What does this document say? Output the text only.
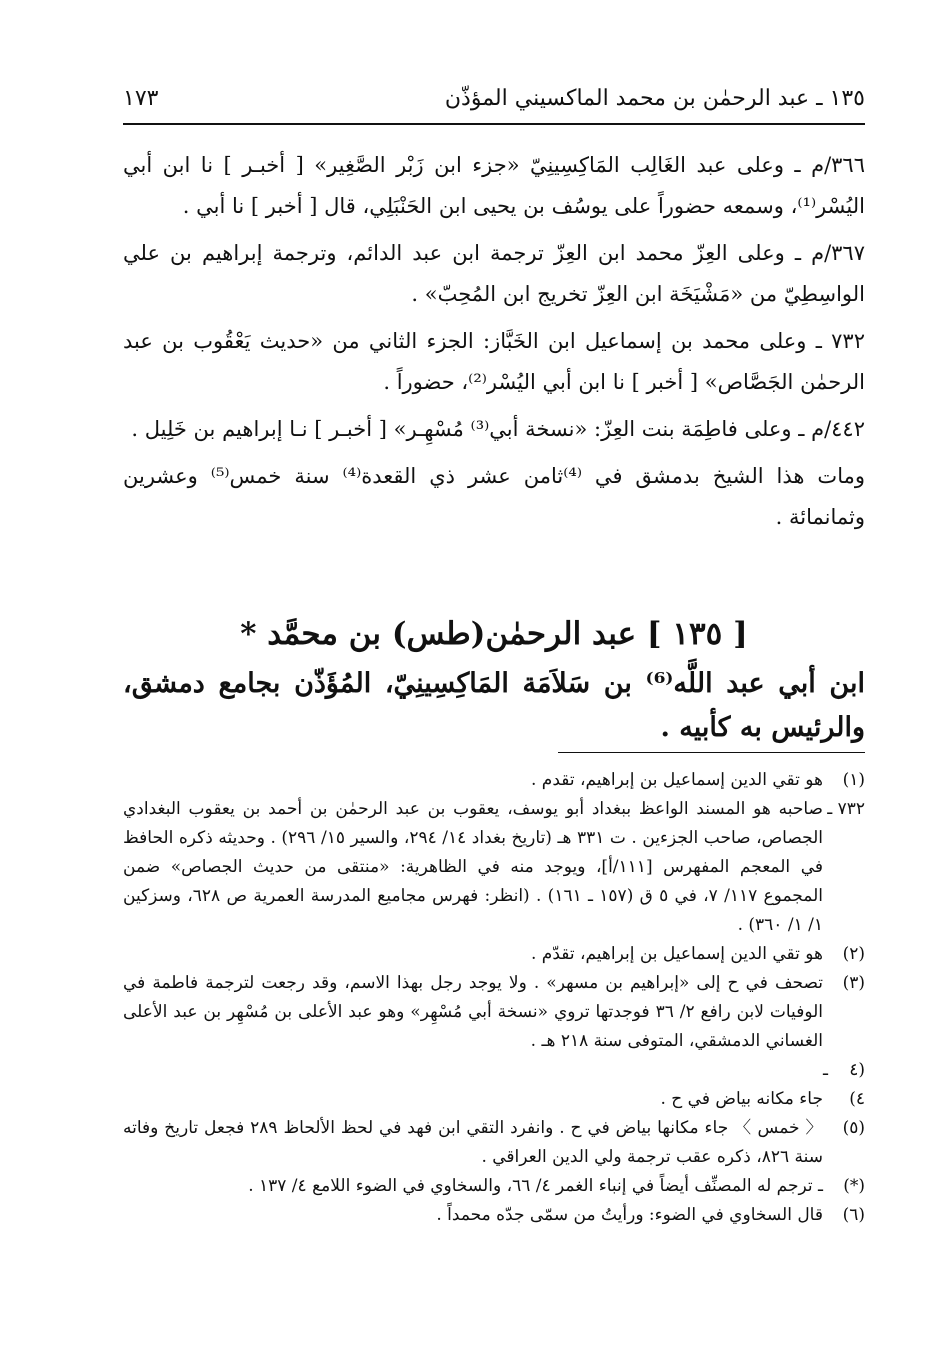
١٣٥ ـ عبد الرحمٰن بن محمد الماكسيني المؤذّن
١٧٣

٣٦٦/م ـ وعلى عبد الغَالِب المَاكِسِينِيّ «جزء ابن زَبْر الصَّغِير» [ أخبـر ] نا ابن أبي اليُسْر⁽¹⁾، وسمعه حضوراً على يوسُف بن يحيى ابن الحَنْبَلِي، قال [ أخبر ] نا أبي .

٣٦٧/م ـ وعلى العِزّ محمد ابن العِزّ ترجمة ابن عبد الدائم، وترجمة إبراهيم بن علي الواسِطِيّ من «مَشْيَخَة ابن العِزّ تخريج ابن المُحِبّ» .

٧٣٢ ـ وعلى محمد بن إسماعيل ابن الخَبَّاز: الجزء الثاني من «حديث يَعْقُوب بن عبد الرحمٰن الجَصَّاص» [ أخبر ] نا ابن أبي اليُسْر⁽²⁾، حضوراً .

٤٤٢/م ـ وعلى فاطِمَة بنت العِزّ: «نسخة أبي⁽³⁾ مُسْهِـر» [ أخبـر ] نـا إبراهيم بن خَلِيل .

ومات هذا الشيخ بدمشق في ⁽⁴⁾ثامن عشر ذي القعدة⁽⁴⁾ سنة خمس⁽⁵⁾ وعشرين وثمانمائة .

[ ١٣٥ ] عبد الرحمٰن(طس) بن محمَّد *
ابن أبي عبد اللَّه⁽⁶⁾ بن سَلاَمَة المَاكِسِينِيّ، المُؤَذّن بجامع دمشق، والرئيس به كأبيه .

(١)هو تقي الدين إسماعيل بن إبراهيم، تقدم .

٧٣٢ ـصاحبه هو المسند الواعظ ببغداد أبو يوسف، يعقوب بن عبد الرحمٰن بن أحمد بن يعقوب البغدادي الجصاص، صاحب الجزءين . ت ٣٣١ هـ (تاريخ بغداد ١٤/ ٢٩٤، والسير ١٥/ ٢٩٦) . وحديثه ذكره الحافظ في المعجم المفهرس [١١١/أ]، ويوجد منه في الظاهرية: «منتقى من حديث الجصاص» ضمن المجموع ١١٧/ ٧، في ٥ ق (١٥٧ ـ ١٦١) . (انظر: فهرس مجاميع المدرسة العمرية ص ٦٢٨، وسزكين ١/ ١/ ٣٦٠) .

(٢)هو تقي الدين إسماعيل بن إبراهيم، تقدّم .

(٣)تصحف في ح إلى «إبراهيم بن مسهر» . ولا يوجد رجل بهذا الاسم، وقد رجعت لترجمة فاطمة في الوفيات لابن رافع ٢/ ٣٦ فوجدتها تروي «نسخة أبي مُسْهِر» وهو عبد الأعلى بن مُسْهِر بن عبد الأعلى الغساني الدمشقي، المتوفى سنة ٢١٨ هـ .

(٤ ـ ٤)جاء مكانه بياض في ح .

(٥)〈 خمس 〉 جاء مكانها بياض في ح . وانفرد التقي ابن فهد في لحظ الألحاظ ٢٨٩ فجعل تاريخ وفاته سنة ٨٢٦، ذكره عقب ترجمة ولي الدين العراقي .

(*)ـ ترجم له المصنِّف أيضاً في إنباء الغمر ٤/ ٦٦، والسخاوي في الضوء اللامع ٤/ ١٣٧ .

(٦)قال السخاوي في الضوء: ورأيتُ من سمّى جدّه محمداً .
